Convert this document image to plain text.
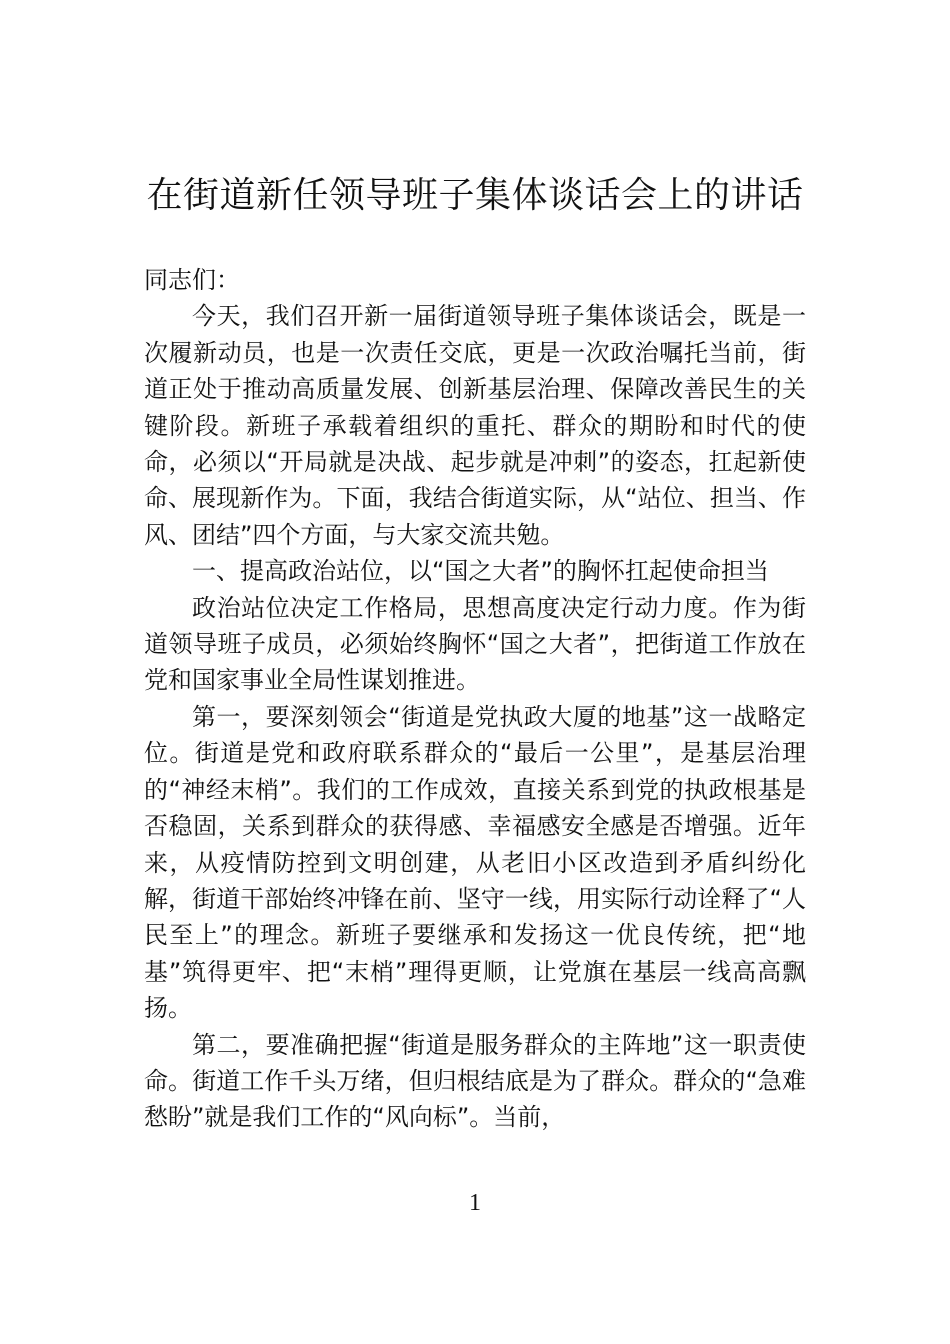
在街道新任领导班子集体谈话会上的讲话

同志们：

今天，我们召开新一届街道领导班子集体谈话会，既是一次履新动员，也是一次责任交底，更是一次政治嘱托当前，街道正处于推动高质量发展、创新基层治理、保障改善民生的关键阶段。新班子承载着组织的重托、群众的期盼和时代的使命，必须以“开局就是决战、起步就是冲刺”的姿态，扛起新使命、展现新作为。下面，我结合街道实际，从“站位、担当、作风、团结”四个方面，与大家交流共勉。

一、提高政治站位，以“国之大者”的胸怀扛起使命担当

政治站位决定工作格局，思想高度决定行动力度。作为街道领导班子成员，必须始终胸怀“国之大者”，把街道工作放在党和国家事业全局性谋划推进。

第一，要深刻领会“街道是党执政大厦的地基”这一战略定位。街道是党和政府联系群众的“最后一公里”，是基层治理的“神经末梢”。我们的工作成效，直接关系到党的执政根基是否稳固，关系到群众的获得感、幸福感安全感是否增强。近年来，从疫情防控到文明创建，从老旧小区改造到矛盾纠纷化解，街道干部始终冲锋在前、坚守一线，用实际行动诠释了“人民至上”的理念。新班子要继承和发扬这一优良传统，把“地基”筑得更牢、把“末梢”理得更顺，让党旗在基层一线高高飘扬。

第二，要准确把握“街道是服务群众的主阵地”这一职责使命。街道工作千头万绪，但归根结底是为了群众。群众的“急难愁盼”就是我们工作的“风向标”。当前，

1
